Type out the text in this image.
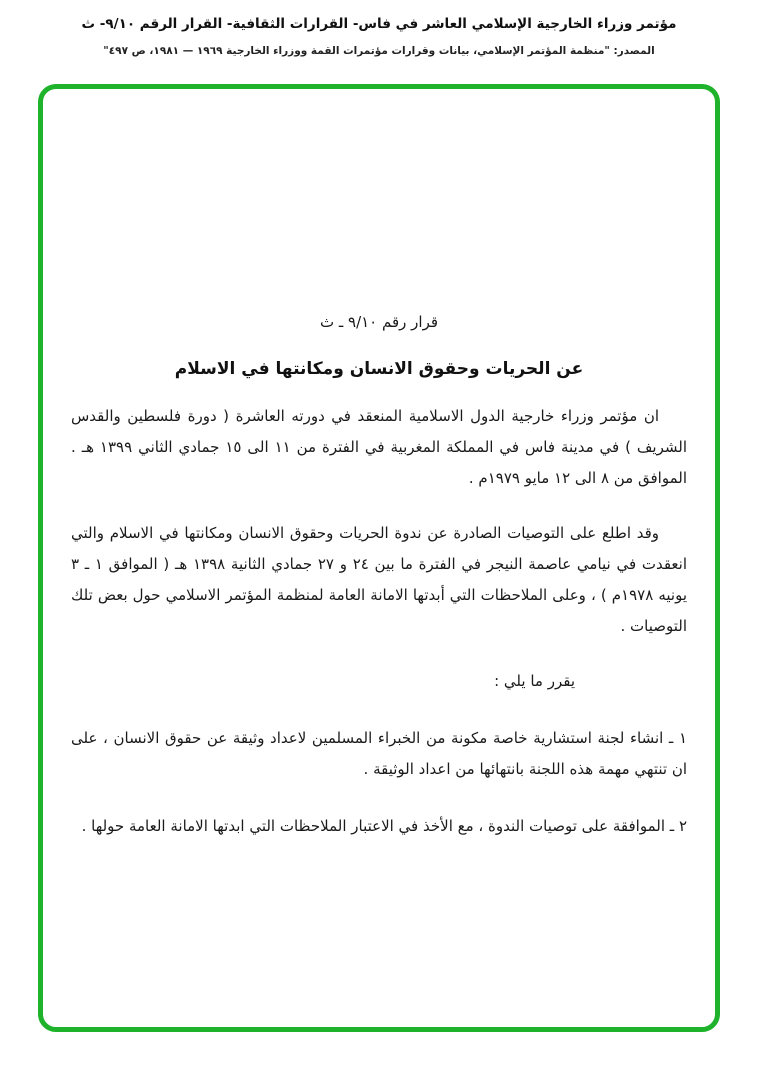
مؤتمر وزراء الخارجية الإسلامي العاشر في فاس- القرارات الثقافية- القرار الرقم ٩/١٠- ث
المصدر: "منظمة المؤتمر الإسلامي، بيانات وقرارات مؤتمرات القمة ووزراء الخارجية ١٩٦٩ — ١٩٨١، ص ٤٩٧"
قرار رقم ٩/١٠ ـ ث
عن الحريات وحقوق الانسان ومكانتها في الاسلام

ان مؤتمر وزراء خارجية الدول الاسلامية المنعقد في دورته العاشرة ( دورة فلسطين والقدس الشريف ) في مدينة فاس في المملكة المغربية في الفترة من ١١ الى ١٥ جمادي الثاني ١٣٩٩ هـ . الموافق من ٨ الى ١٢ مايو ١٩٧٩م .

وقد اطلع على التوصيات الصادرة عن ندوة الحريات وحقوق الانسان ومكانتها في الاسلام والتي انعقدت في نيامي عاصمة النيجر في الفترة ما بين ٢٤ و ٢٧ جمادي الثانية ١٣٩٨ هـ ( الموافق ١ ـ ٣ يونيه ١٩٧٨م ) ، وعلى الملاحظات التي أبدتها الامانة العامة لمنظمة المؤتمر الاسلامي حول بعض تلك التوصيات .

يقرر ما يلي :

١ ـ انشاء لجنة استشارية خاصة مكونة من الخبراء المسلمين لاعداد وثيقة عن حقوق الانسان ، على ان تنتهي مهمة هذه اللجنة بانتهائها من اعداد الوثيقة .

٢ ـ الموافقة على توصيات الندوة ، مع الأخذ في الاعتبار الملاحظات التي ابدتها الامانة العامة حولها .
